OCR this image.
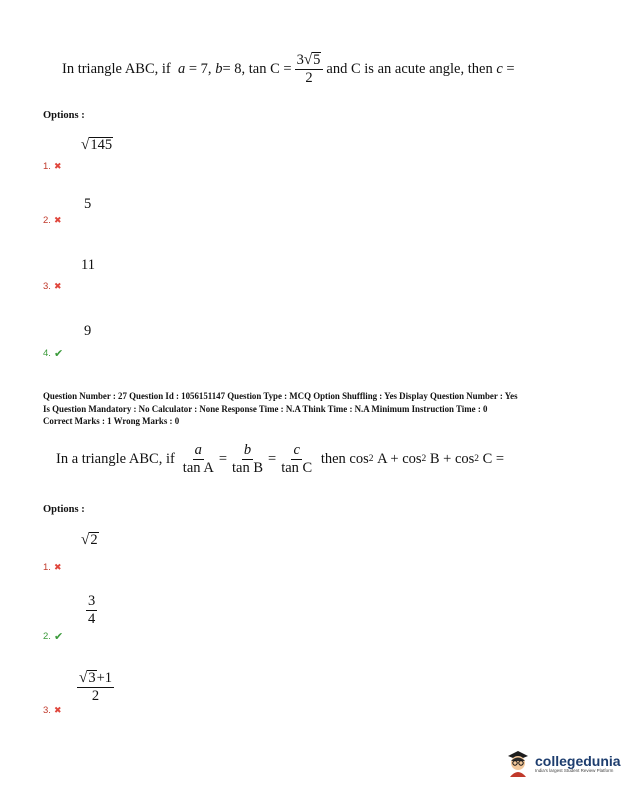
In triangle ABC, if
a
= 7,
b = 8, $\tan C = \frac{3 √ 5}{2}$ and C is an acute angle, then
c
=
Options :
√ 145
1. ✖
5
2. ✖
11
3. ✖
9
4. ✔
Question Number : 27 Question Id : 1056151147 Question Type : MCQ Option Shuffling : Yes Display Question Number : Yes
Is Question Mandatory : No Calculator : None Response Time : N.A Think Time : N.A Minimum Instruction Time : 0
Correct Marks : 1 Wrong Marks : 0
In a triangle ABC, if $\frac{a}{\text{tan A}} = \frac{b}{\text{tan B}} = \frac{c}{\text{tan C}}$
then cos 2
A + cos 2
B + cos 2
C =
Options :
√ 2
1. ✖
$\frac{3}{4}$
2. ✔
$\frac{√ 3 +1}{2}$
3. ✖
collegedunia
India's largest Student Review Platform
